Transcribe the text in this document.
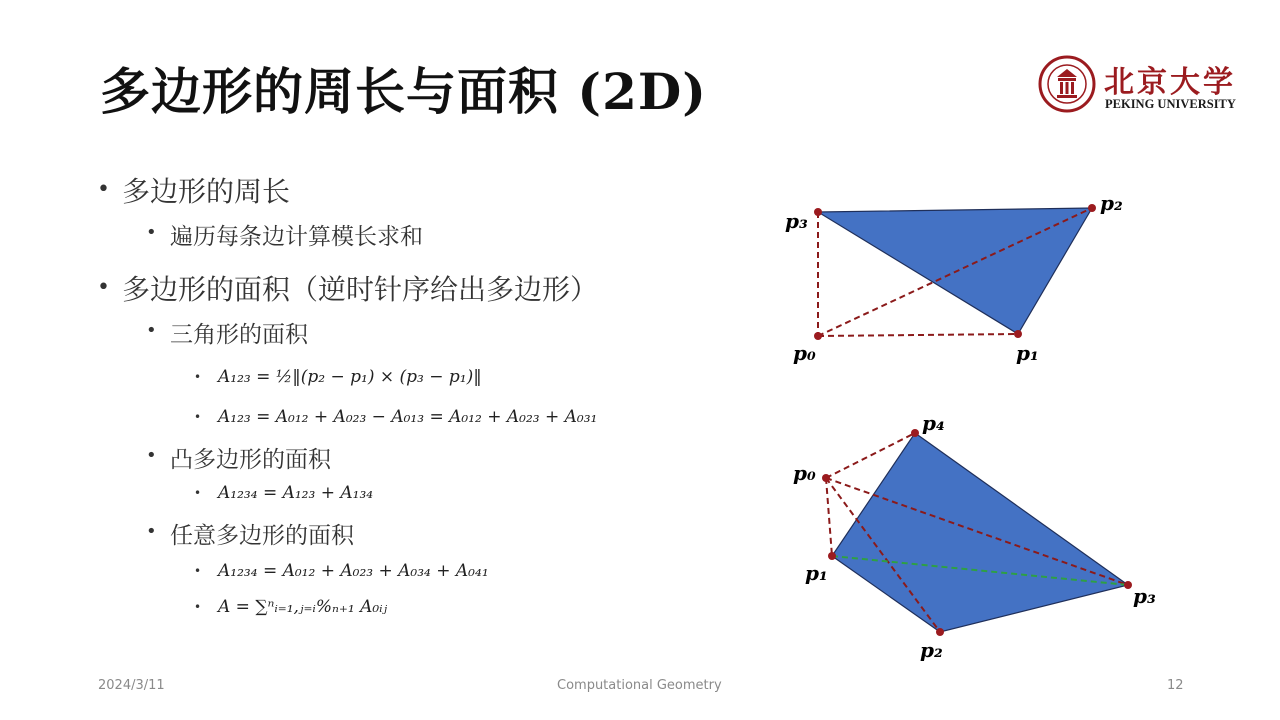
多边形的周长与面积 (2D)	北京大学
PEKING UNIVERSITY
• 多边形的周长
• 遍历每条边计算模长求和
• 多边形的面积（逆时针序给出多边形）
• 三角形的面积
• A₁₂₃ = ½‖(p₂ − p₁) × (p₃ − p₁)‖
• A₁₂₃ = A₀₁₂ + A₀₂₃ − A₀₁₃ = A₀₁₂ + A₀₂₃ + A₀₃₁
• 凸多边形的面积
• A₁₂₃₄ = A₁₂₃ + A₁₃₄
• 任意多边形的面积
• A₁₂₃₄ = A₀₁₂ + A₀₂₃ + A₀₃₄ + A₀₄₁
• A = ∑ⁿᵢ₌₁,ⱼ₌ᵢ%ₙ₊₁ A₀ᵢⱼ
p₃
p₂
p₀	p₁
p₄
p₀
p₁
p₃
p₂
2024/3/11	Computational Geometry	12
